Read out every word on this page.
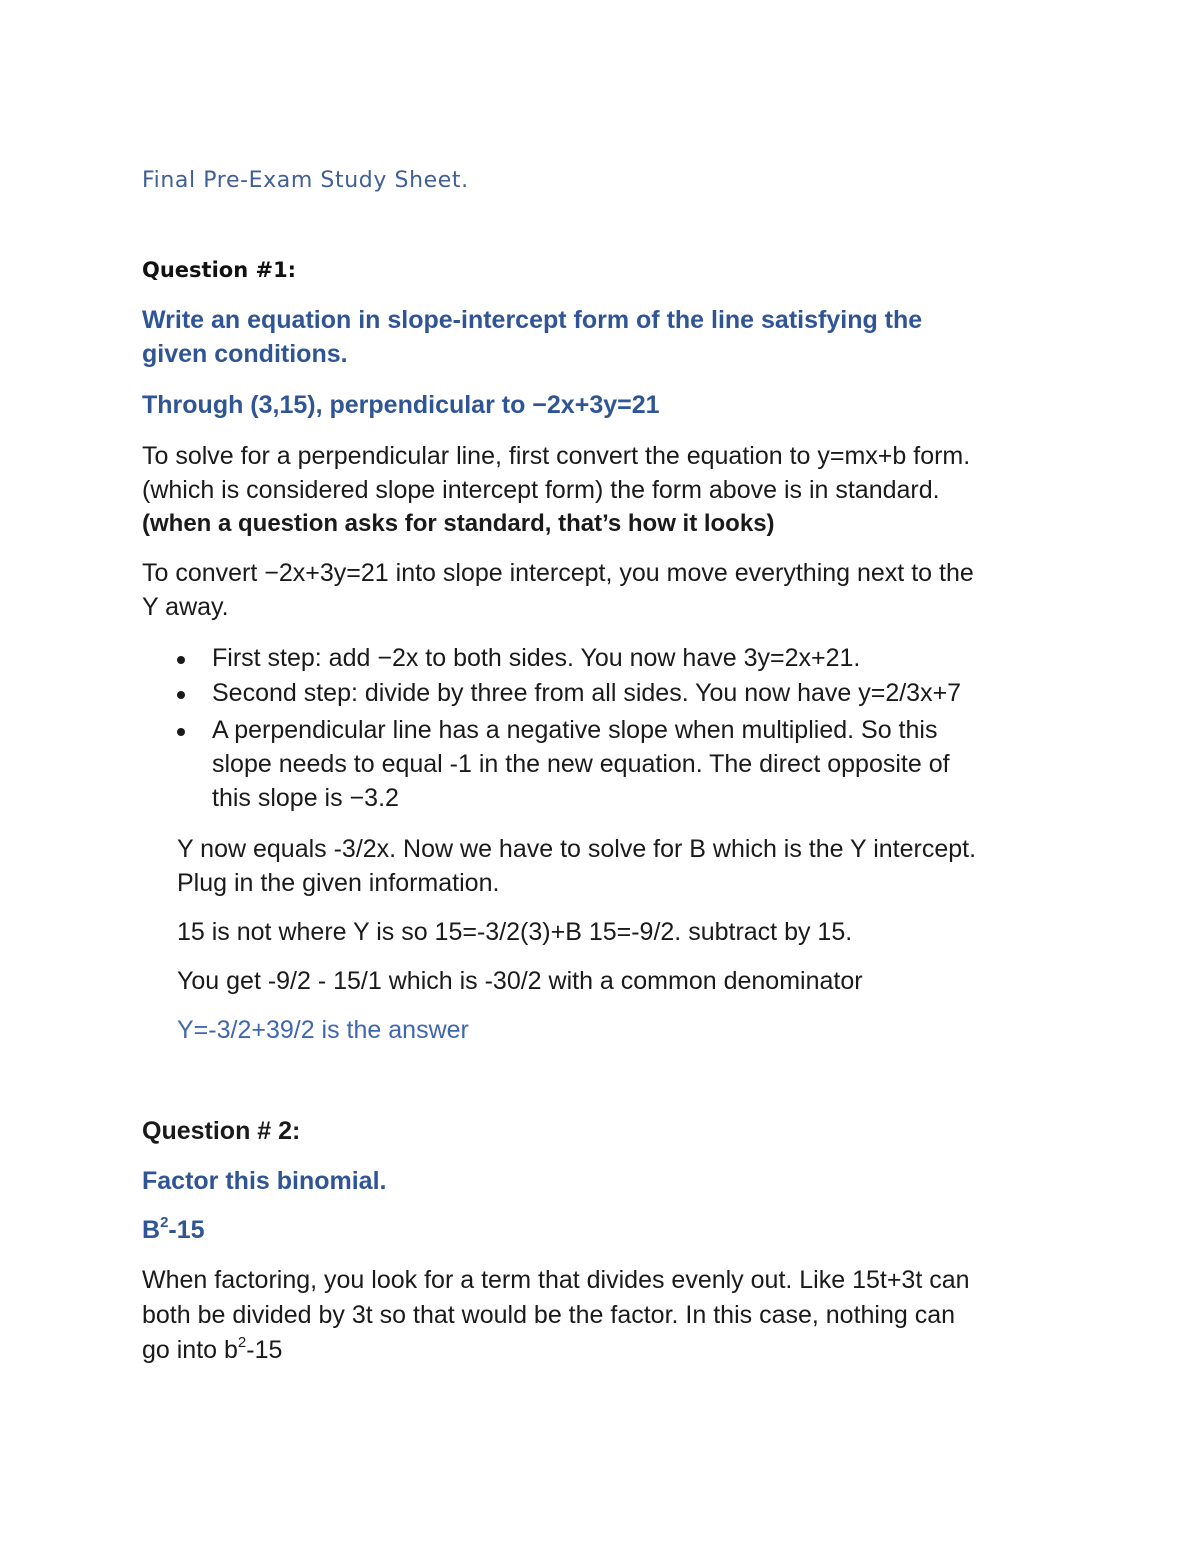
Final Pre-Exam Study Sheet.
Question #1:
Write an equation in slope-intercept form of the line satisfying the
given conditions.
Through (3,15), perpendicular to −2x+3y=21
To solve for a perpendicular line, first convert the equation to y=mx+b form.
(which is considered slope intercept form) the form above is in standard.
(when a question asks for standard, that’s how it looks)
To convert −2x+3y=21 into slope intercept, you move everything next to the
Y away.
First step: add −2x to both sides. You now have 3y=2x+21.
Second step: divide by three from all sides. You now have y=2/3x+7
A perpendicular line has a negative slope when multiplied. So this
slope needs to equal -1 in the new equation. The direct opposite of
this slope is −3.2
Y now equals -3/2x. Now we have to solve for B which is the Y intercept.
Plug in the given information.
15 is not where Y is so 15=-3/2(3)+B 15=-9/2. subtract by 15.
You get -9/2 - 15/1 which is -30/2 with a common denominator
Y=-3/2+39/2 is the answer
Question # 2:
Factor this binomial.
$B^2-15$
When factoring, you look for a term that divides evenly out. Like 15t+3t can
both be divided by 3t so that would be the factor. In this case, nothing can
go into $b^2-15$
